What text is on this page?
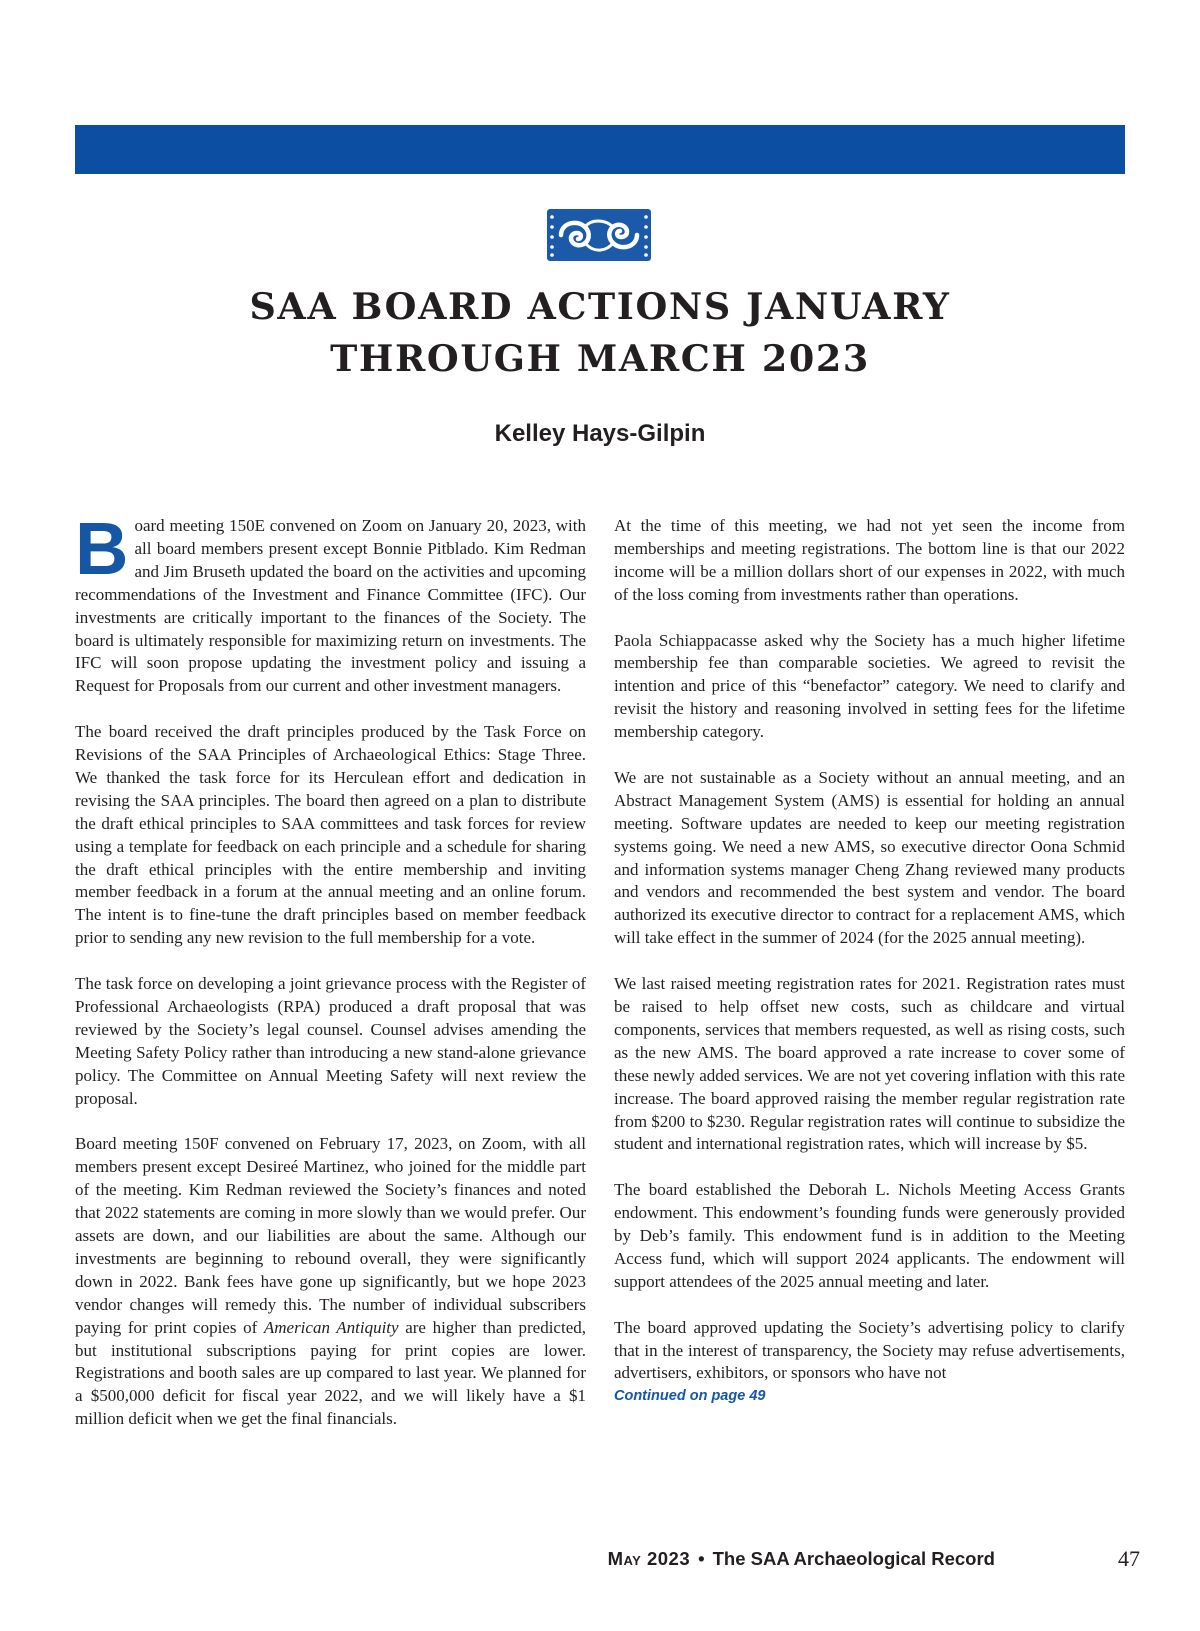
SAA BOARD ACTIONS JANUARY
THROUGH MARCH 2023
Kelley Hays-Gilpin

Board meeting 150E convened on Zoom on January 20, 2023, with all board members present except Bonnie Pitblado. Kim Redman and Jim Bruseth updated the board on the activities and upcoming recommendations of the Investment and Finance Committee (IFC). Our investments are critically important to the finances of the Society. The board is ultimately responsible for maximizing return on investments. The IFC will soon propose updating the investment policy and issuing a Request for Proposals from our current and other investment managers.

The board received the draft principles produced by the Task Force on Revisions of the SAA Principles of Archaeological Ethics: Stage Three. We thanked the task force for its Herculean effort and dedication in revising the SAA principles. The board then agreed on a plan to distribute the draft ethical principles to SAA committees and task forces for review using a template for feedback on each principle and a schedule for sharing the draft ethical principles with the entire membership and inviting member feedback in a forum at the annual meeting and an online forum. The intent is to fine-tune the draft principles based on member feedback prior to sending any new revision to the full membership for a vote.

The task force on developing a joint grievance process with the Register of Professional Archaeologists (RPA) produced a draft proposal that was reviewed by the Society’s legal counsel. Counsel advises amending the Meeting Safety Policy rather than introducing a new stand-alone grievance policy. The Committee on Annual Meeting Safety will next review the proposal.

Board meeting 150F convened on February 17, 2023, on Zoom, with all members present except Desireé Martinez, who joined for the middle part of the meeting. Kim Redman reviewed the Society’s finances and noted that 2022 statements are coming in more slowly than we would prefer. Our assets are down, and our liabilities are about the same. Although our investments are beginning to rebound overall, they were significantly down in 2022. Bank fees have gone up significantly, but we hope 2023 vendor changes will remedy this. The number of individual subscribers paying for print copies of American Antiquity are higher than predicted, but institutional subscriptions paying for print copies are lower. Registrations and booth sales are up compared to last year. We planned for a $500,000 deficit for fiscal year 2022, and we will likely have a $1 million deficit when we get the final financials.

At the time of this meeting, we had not yet seen the income from memberships and meeting registrations. The bottom line is that our 2022 income will be a million dollars short of our expenses in 2022, with much of the loss coming from investments rather than operations.

Paola Schiappacasse asked why the Society has a much higher lifetime membership fee than comparable societies. We agreed to revisit the intention and price of this “benefactor” category. We need to clarify and revisit the history and reasoning involved in setting fees for the lifetime membership category.

We are not sustainable as a Society without an annual meeting, and an Abstract Management System (AMS) is essential for holding an annual meeting. Software updates are needed to keep our meeting registration systems going. We need a new AMS, so executive director Oona Schmid and information systems manager Cheng Zhang reviewed many products and vendors and recommended the best system and vendor. The board authorized its executive director to contract for a replacement AMS, which will take effect in the summer of 2024 (for the 2025 annual meeting).

We last raised meeting registration rates for 2021. Registration rates must be raised to help offset new costs, such as childcare and virtual components, services that members requested, as well as rising costs, such as the new AMS. The board approved a rate increase to cover some of these newly added services. We are not yet covering inflation with this rate increase. The board approved raising the member regular registration rate from $200 to $230. Regular registration rates will continue to subsidize the student and international registration rates, which will increase by $5.

The board established the Deborah L. Nichols Meeting Access Grants endowment. This endowment’s founding funds were generously provided by Deb’s family. This endowment fund is in addition to the Meeting Access fund, which will support 2024 applicants. The endowment will support attendees of the 2025 annual meeting and later.

The board approved updating the Society’s advertising policy to clarify that in the interest of transparency, the Society may refuse advertisements, advertisers, exhibitors, or sponsors who have not

Continued on page 49
May 2023 • The SAA Archaeological Record	47
